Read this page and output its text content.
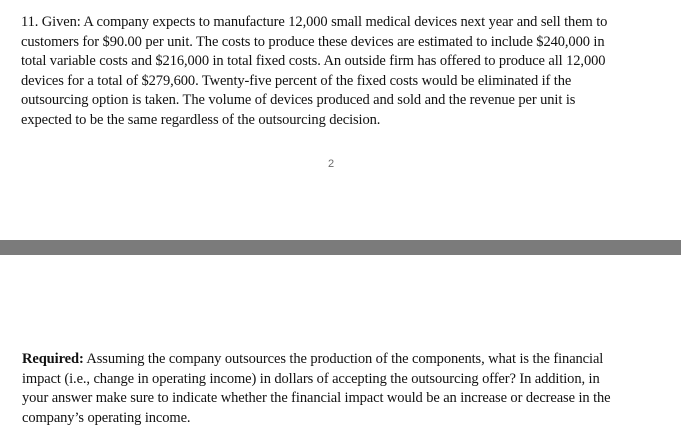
11. Given: A company expects to manufacture 12,000 small medical devices next year and sell them to
customers for $90.00 per unit. The costs to produce these devices are estimated to include $240,000 in
total variable costs and $216,000 in total fixed costs. An outside firm has offered to produce all 12,000
devices for a total of $279,600. Twenty-five percent of the fixed costs would be eliminated if the
outsourcing option is taken. The volume of devices produced and sold and the revenue per unit is
expected to be the same regardless of the outsourcing decision.
2
Required: Assuming the company outsources the production of the components, what is the financial
impact (i.e., change in operating income) in dollars of accepting the outsourcing offer? In addition, in
your answer make sure to indicate whether the financial impact would be an increase or decrease in the
company’s operating income.
